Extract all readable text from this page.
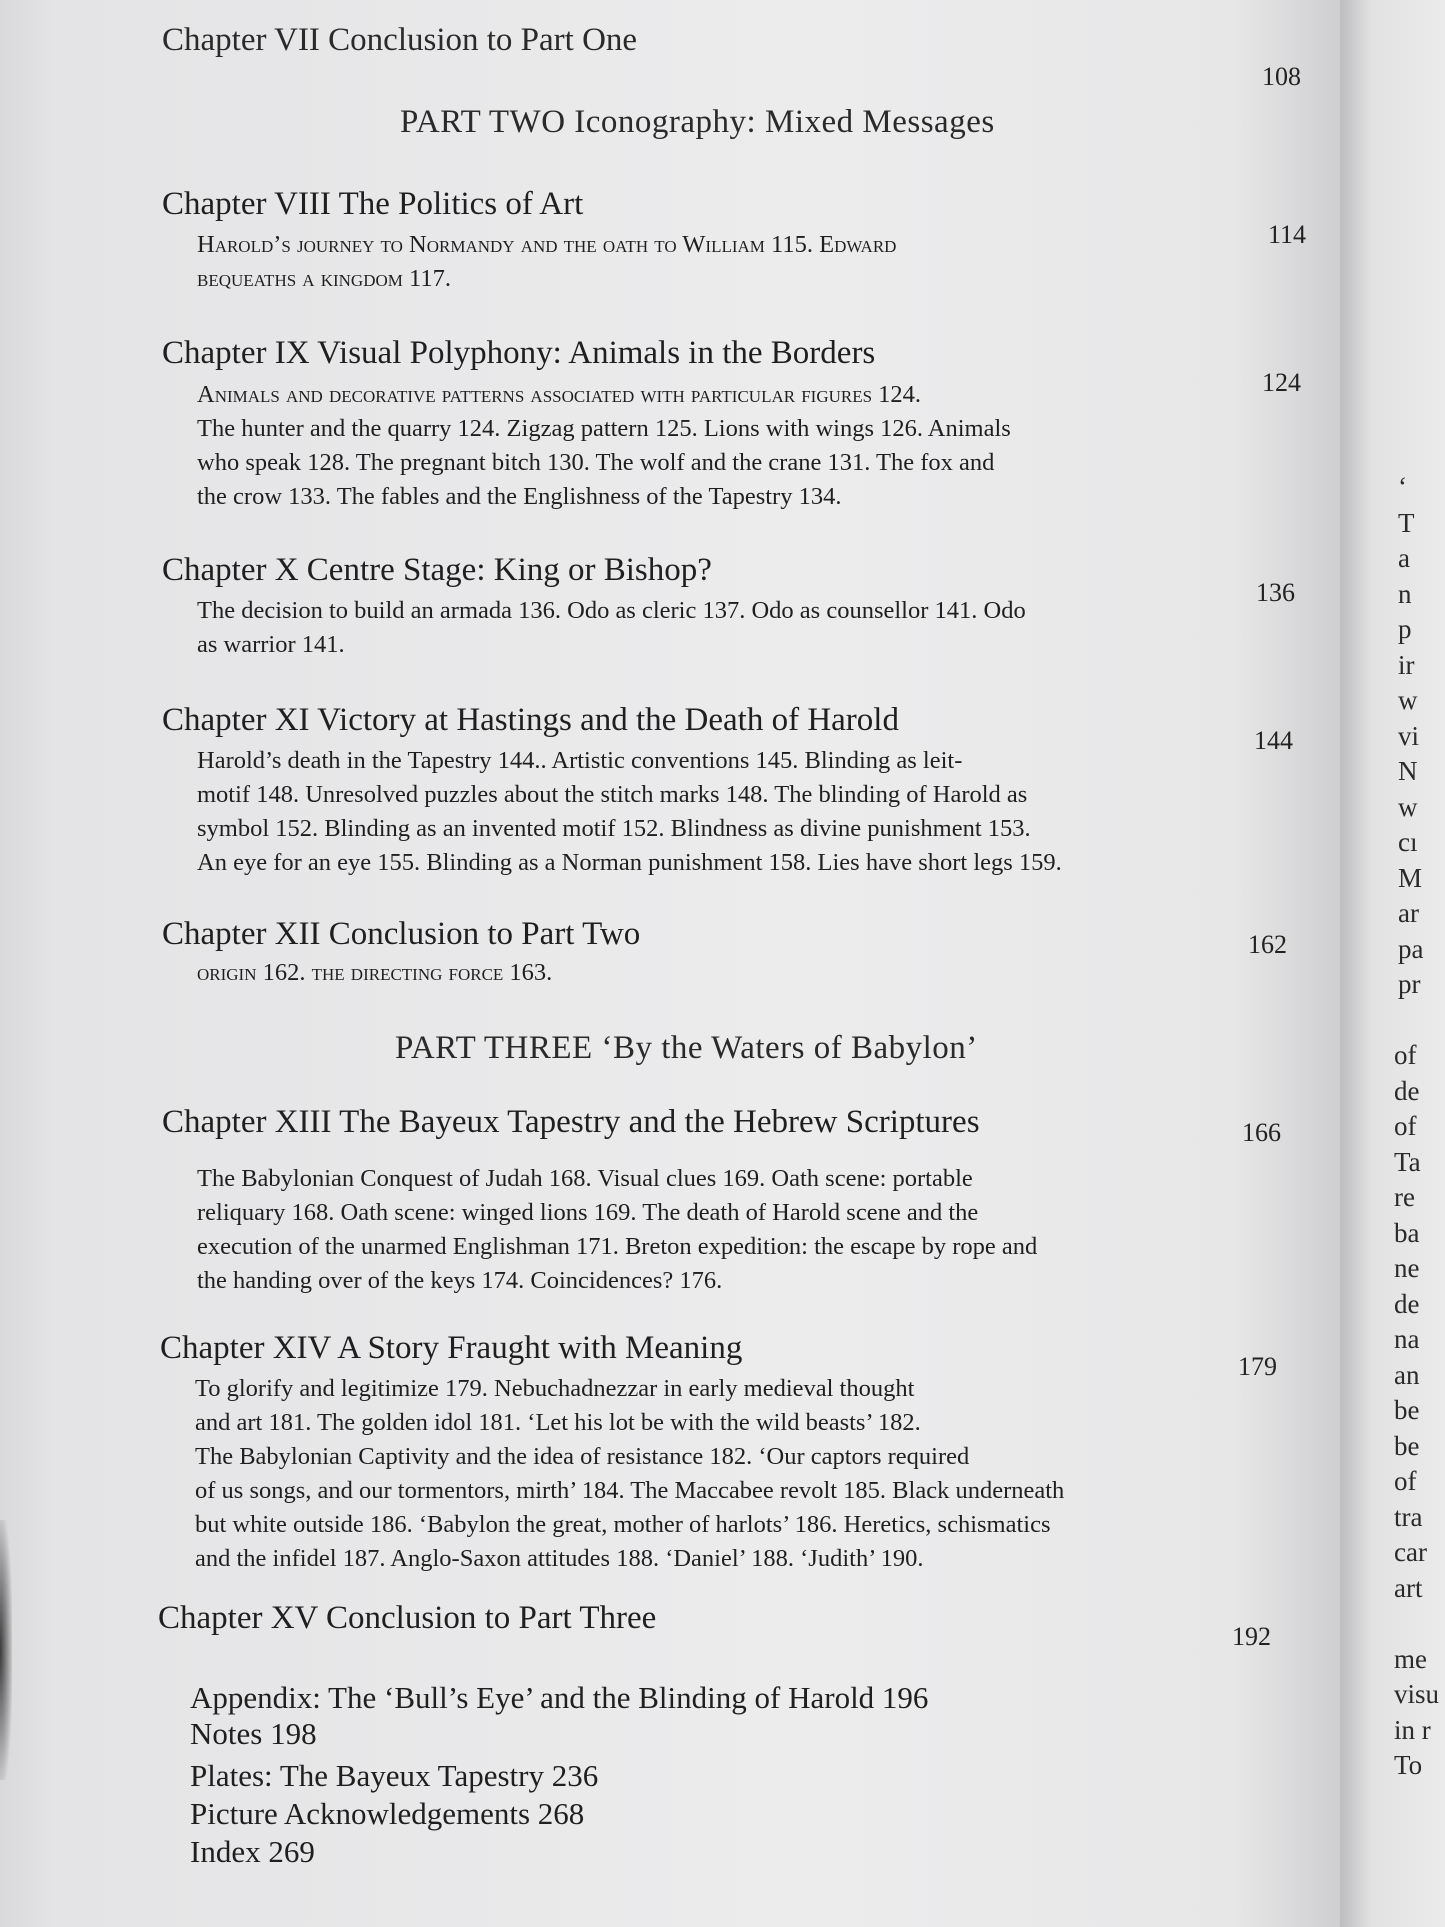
Chapter VII Conclusion to Part One
108
PART TWO Iconography: Mixed Messages
Chapter VIII The Politics of Art
114
Harold’s journey to Normandy and the oath to William 115. Edward
bequeaths a kingdom 117.
Chapter IX Visual Polyphony: Animals in the Borders
124
Animals and decorative patterns associated with particular figures 124.
The hunter and the quarry 124. Zigzag pattern 125. Lions with wings 126. Animals
who speak 128. The pregnant bitch 130. The wolf and the crane 131. The fox and
the crow 133. The fables and the Englishness of the Tapestry 134.
Chapter X Centre Stage: King or Bishop?
136
The decision to build an armada 136. Odo as cleric 137. Odo as counsellor 141. Odo
as warrior 141.
Chapter XI Victory at Hastings and the Death of Harold
144
Harold’s death in the Tapestry 144.. Artistic conventions 145. Blinding as leit-
motif 148. Unresolved puzzles about the stitch marks 148. The blinding of Harold as
symbol 152. Blinding as an invented motif 152. Blindness as divine punishment 153.
An eye for an eye 155. Blinding as a Norman punishment 158. Lies have short legs 159.
Chapter XII Conclusion to Part Two	162
origin 162. the directing force 163.
PART THREE ‘By the Waters of Babylon’
Chapter XIII The Bayeux Tapestry and the Hebrew Scriptures	166
The Babylonian Conquest of Judah 168. Visual clues 169. Oath scene: portable
reliquary 168. Oath scene: winged lions 169. The death of Harold scene and the
execution of the unarmed Englishman 171. Breton expedition: the escape by rope and
the handing over of the keys 174. Coincidences? 176.
Chapter XIV A Story Fraught with Meaning
179
To glorify and legitimize 179. Nebuchadnezzar in early medieval thought
and art 181. The golden idol 181. ‘Let his lot be with the wild beasts’ 182.
The Babylonian Captivity and the idea of resistance 182. ‘Our captors required
of us songs, and our tormentors, mirth’ 184. The Maccabee revolt 185. Black underneath
but white outside 186. ‘Babylon the great, mother of harlots’ 186. Heretics, schismatics
and the infidel 187. Anglo-Saxon attitudes 188. ‘Daniel’ 188. ‘Judith’ 190.
Chapter XV Conclusion to Part Three
192
Appendix: The ‘Bull’s Eye’ and the Blinding of Harold 196
Notes 198
Plates: The Bayeux Tapestry 236
Picture Acknowledgements 268
Index 269
‘
T
a
n
p
ir
w
vi
N
w
cı
M
ar
pa
pr
of
de
of
Ta
re
ba
ne
de
na
an
be
be
of
tra
car
art
me
visu
in r
To
